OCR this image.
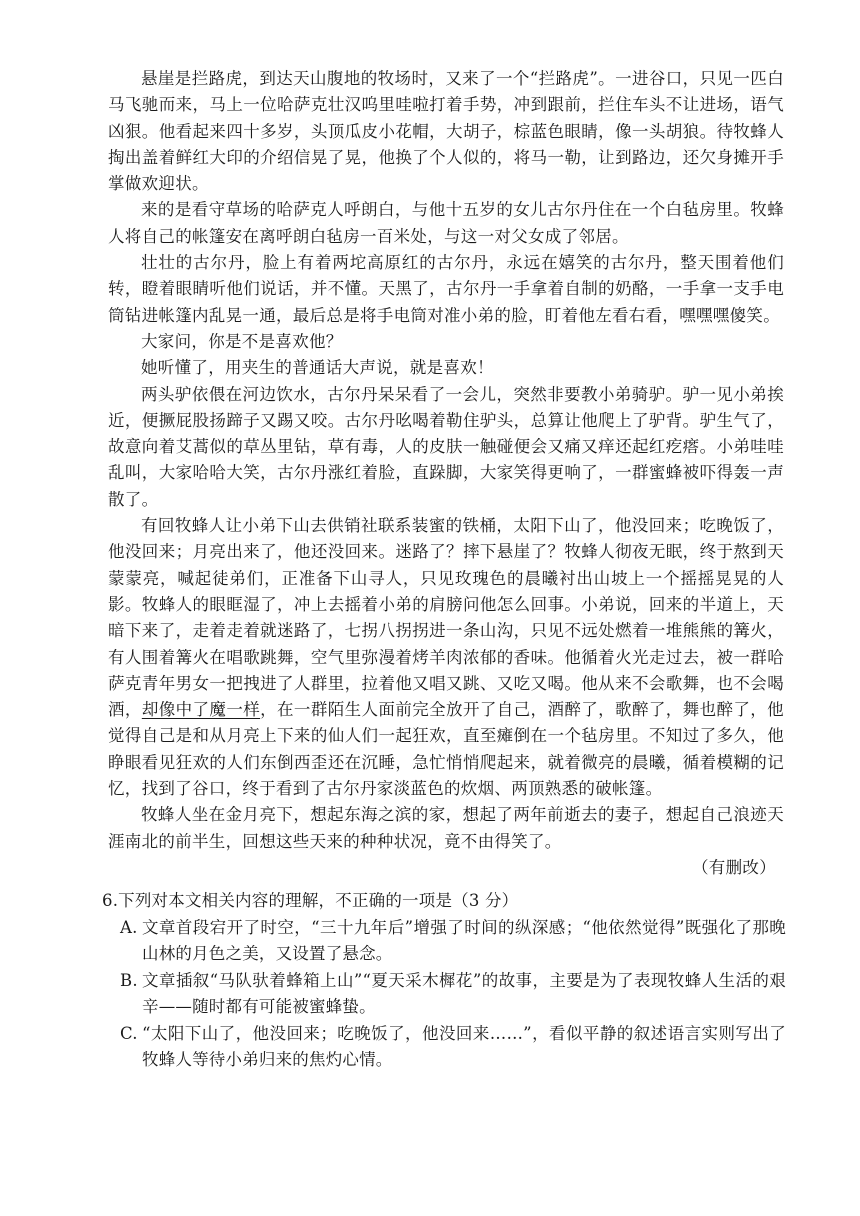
悬崖是拦路虎，到达天山腹地的牧场时，又来了一个“拦路虎”。一进谷口，只见一匹白马飞驰而来，马上一位哈萨克壮汉呜里哇啦打着手势，冲到跟前，拦住车头不让进场，语气凶狠。他看起来四十多岁，头顶瓜皮小花帽，大胡子，棕蓝色眼睛，像一头胡狼。待牧蜂人掏出盖着鲜红大印的介绍信晃了晃，他换了个人似的，将马一勒，让到路边，还欠身摊开手掌做欢迎状。

来的是看守草场的哈萨克人呼朗白，与他十五岁的女儿古尔丹住在一个白毡房里。牧蜂人将自己的帐篷安在离呼朗白毡房一百米处，与这一对父女成了邻居。

壮壮的古尔丹，脸上有着两坨高原红的古尔丹，永远在嬉笑的古尔丹，整天围着他们转，瞪着眼睛听他们说话，并不懂。天黑了，古尔丹一手拿着自制的奶酪，一手拿一支手电筒钻进帐篷内乱晃一通，最后总是将手电筒对准小弟的脸，盯着他左看右看，嘿嘿嘿傻笑。

大家问，你是不是喜欢他？

她听懂了，用夹生的普通话大声说，就是喜欢！

两头驴依偎在河边饮水，古尔丹呆呆看了一会儿，突然非要教小弟骑驴。驴一见小弟挨近，便撅屁股扬蹄子又踢又咬。古尔丹吆喝着勒住驴头，总算让他爬上了驴背。驴生气了，故意向着艾蒿似的草丛里钻，草有毒，人的皮肤一触碰便会又痛又痒还起红疙瘩。小弟哇哇乱叫，大家哈哈大笑，古尔丹涨红着脸，直跺脚，大家笑得更响了，一群蜜蜂被吓得轰一声散了。

有回牧蜂人让小弟下山去供销社联系装蜜的铁桶，太阳下山了，他没回来；吃晚饭了，他没回来；月亮出来了，他还没回来。迷路了？摔下悬崖了？牧蜂人彻夜无眠，终于熬到天蒙蒙亮，喊起徒弟们，正准备下山寻人，只见玫瑰色的晨曦衬出山坡上一个摇摇晃晃的人影。牧蜂人的眼眶湿了，冲上去摇着小弟的肩膀问他怎么回事。小弟说，回来的半道上，天暗下来了，走着走着就迷路了，七拐八拐拐进一条山沟，只见不远处燃着一堆熊熊的篝火，有人围着篝火在唱歌跳舞，空气里弥漫着烤羊肉浓郁的香味。他循着火光走过去，被一群哈萨克青年男女一把拽进了人群里，拉着他又唱又跳、又吃又喝。他从来不会歌舞，也不会喝酒，却像中了魔一样，在一群陌生人面前完全放开了自己，酒醉了，歌醉了，舞也醉了，他觉得自己是和从月亮上下来的仙人们一起狂欢，直至瘫倒在一个毡房里。不知过了多久，他睁眼看见狂欢的人们东倒西歪还在沉睡，急忙悄悄爬起来，就着微亮的晨曦，循着模糊的记忆，找到了谷口，终于看到了古尔丹家淡蓝色的炊烟、两顶熟悉的破帐篷。

牧蜂人坐在金月亮下，想起东海之滨的家，想起了两年前逝去的妻子，想起自己浪迹天涯南北的前半生，回想这些天来的种种状况，竟不由得笑了。

（有删改）

6.下列对本文相关内容的理解，不正确的一项是（3 分）

A. 文章首段宕开了时空，“三十九年后”增强了时间的纵深感；“他依然觉得”既强化了那晚山林的月色之美，又设置了悬念。
B. 文章插叙“马队驮着蜂箱上山”“夏天采木樨花”的故事，主要是为了表现牧蜂人生活的艰辛——随时都有可能被蜜蜂蛰。
C. “太阳下山了，他没回来；吃晚饭了，他没回来……”，看似平静的叙述语言实则写出了牧蜂人等待小弟归来的焦灼心情。
